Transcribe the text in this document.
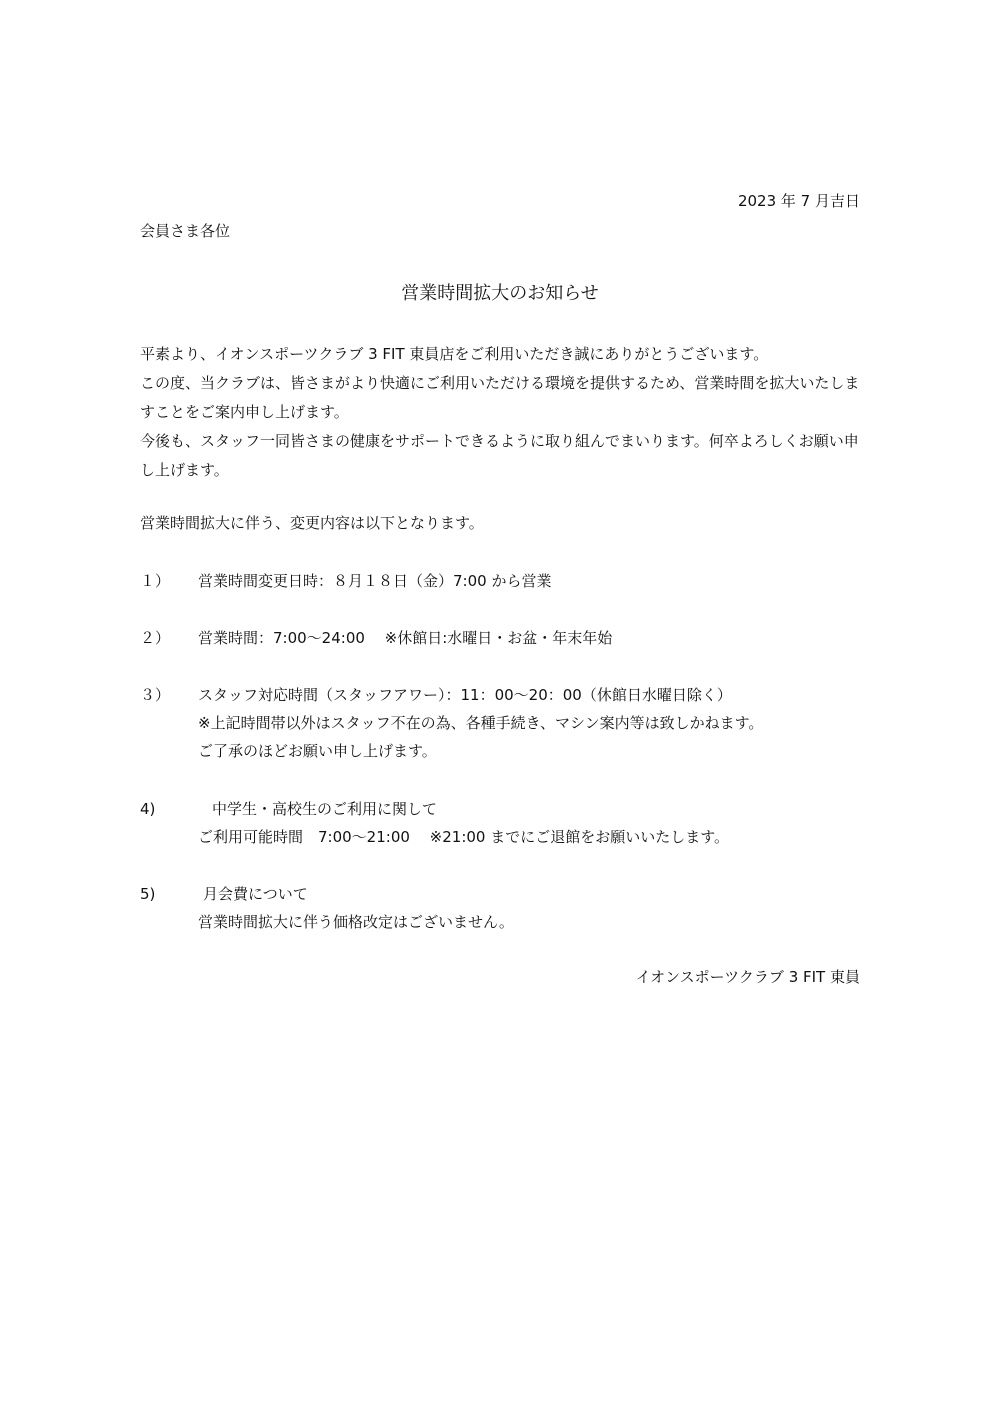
2023 年 7 月吉日
会員さま各位
営業時間拡大のお知らせ
平素より、イオンスポーツクラブ 3 FIT 東員店をご利用いただき誠にありがとうございます。
この度、当クラブは、皆さまがより快適にご利用いただける環境を提供するため、営業時間を拡大いたしますことをご案内申し上げます。
今後も、スタッフ一同皆さまの健康をサポートできるように取り組んでまいります。何卒よろしくお願い申し上げます。
営業時間拡大に伴う、変更内容は以下となります。
１）	営業時間変更日時：８月１８日（金）7:00 から営業
２）	営業時間：7:00～24:00　 ※休館日:水曜日・お盆・年末年始
３）	スタッフ対応時間（スタッフアワー）：11：00～20：00（休館日水曜日除く）
※上記時間帯以外はスタッフ不在の為、各種手続き、マシン案内等は致しかねます。
ご了承のほどお願い申し上げます。
4)	中学生・高校生のご利用に関して
ご利用可能時間　7:00～21:00　 ※21:00 までにご退館をお願いいたします。
5)	月会費について
営業時間拡大に伴う価格改定はございません。
イオンスポーツクラブ 3 FIT 東員
